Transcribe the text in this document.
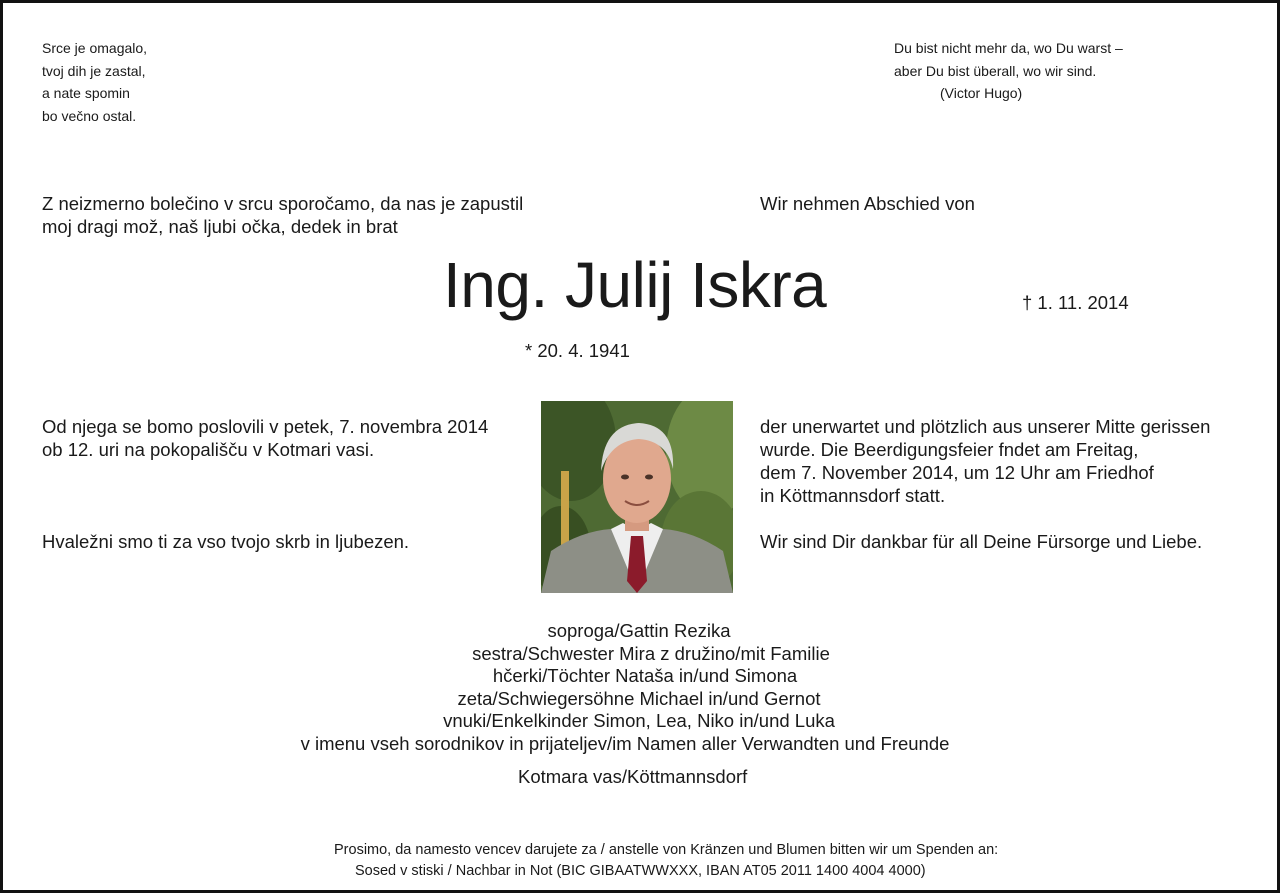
Srce je omagalo,
tvoj dih je zastal,
a nate spomin
bo večno ostal.
Du bist nicht mehr da, wo Du warst –
aber Du bist überall, wo wir sind.
(Victor Hugo)
Z neizmerno bolečino v srcu sporočamo, da nas je zapustil
moj dragi mož, naš ljubi očka, dedek in brat
Wir nehmen Abschied von
Ing. Julij Iskra	† 1. 11. 2014
* 20. 4. 1941
Od njega se bomo poslovili v petek, 7. novembra 2014
ob 12. uri na pokopališču v Kotmari vasi.
der unerwartet und plötzlich aus unserer Mitte gerissen
wurde. Die Beerdigungsfeier fndet am Freitag,
dem 7. November 2014, um 12 Uhr am Friedhof
in Köttmannsdorf statt.
Hvaležni smo ti za vso tvojo skrb in ljubezen.	Wir sind Dir dankbar für all Deine Fürsorge und Liebe.
soproga/Gattin Rezika
sestra/Schwester Mira z družino/mit Familie
hčerki/Töchter Nataša in/und Simona
zeta/Schwiegersöhne Michael in/und Gernot
vnuki/Enkelkinder Simon, Lea, Niko in/und Luka
v imenu vseh sorodnikov in prijateljev/im Namen aller Verwandten und Freunde
Kotmara vas/Köttmannsdorf
Prosimo, da namesto vencev darujete za / anstelle von Kränzen und Blumen bitten wir um Spenden an:
Sosed v stiski / Nachbar in Not (BIC GIBAATWWXXX, IBAN AT05 2011 1400 4004 4000)
